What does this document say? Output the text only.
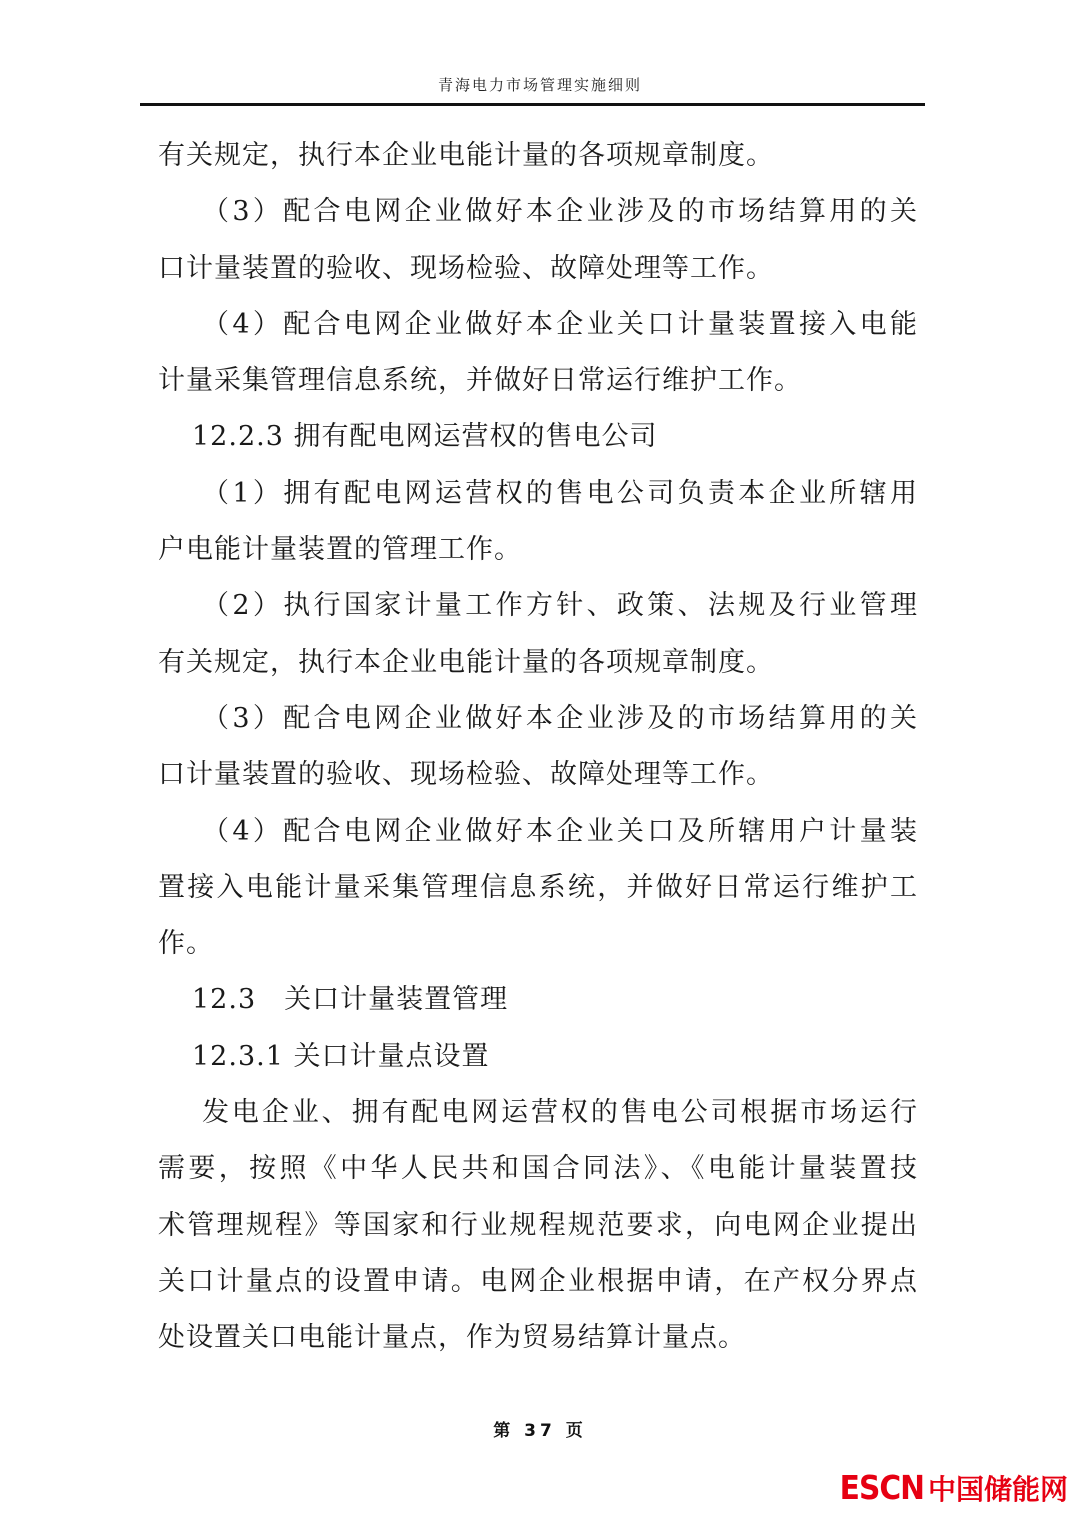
青海电力市场管理实施细则
有关规定，执行本企业电能计量的各项规章制度。
（3）配合电网企业做好本企业涉及的市场结算用的关
口计量装置的验收、现场检验、故障处理等工作。
（4）配合电网企业做好本企业关口计量装置接入电能
计量采集管理信息系统，并做好日常运行维护工作。
12.2.3 拥有配电网运营权的售电公司
（1）拥有配电网运营权的售电公司负责本企业所辖用
户电能计量装置的管理工作。
（2）执行国家计量工作方针、政策、法规及行业管理
有关规定，执行本企业电能计量的各项规章制度。
（3）配合电网企业做好本企业涉及的市场结算用的关
口计量装置的验收、现场检验、故障处理等工作。
（4）配合电网企业做好本企业关口及所辖用户计量装
置接入电能计量采集管理信息系统，并做好日常运行维护工
作。
12.3　关口计量装置管理
12.3.1 关口计量点设置
发电企业、拥有配电网运营权的售电公司根据市场运行
需要，按照《中华人民共和国合同法》、《电能计量装置技
术管理规程》等国家和行业规程规范要求，向电网企业提出
关口计量点的设置申请。电网企业根据申请，在产权分界点
处设置关口电能计量点，作为贸易结算计量点。
第 37 页
ESCN 中国储能网
